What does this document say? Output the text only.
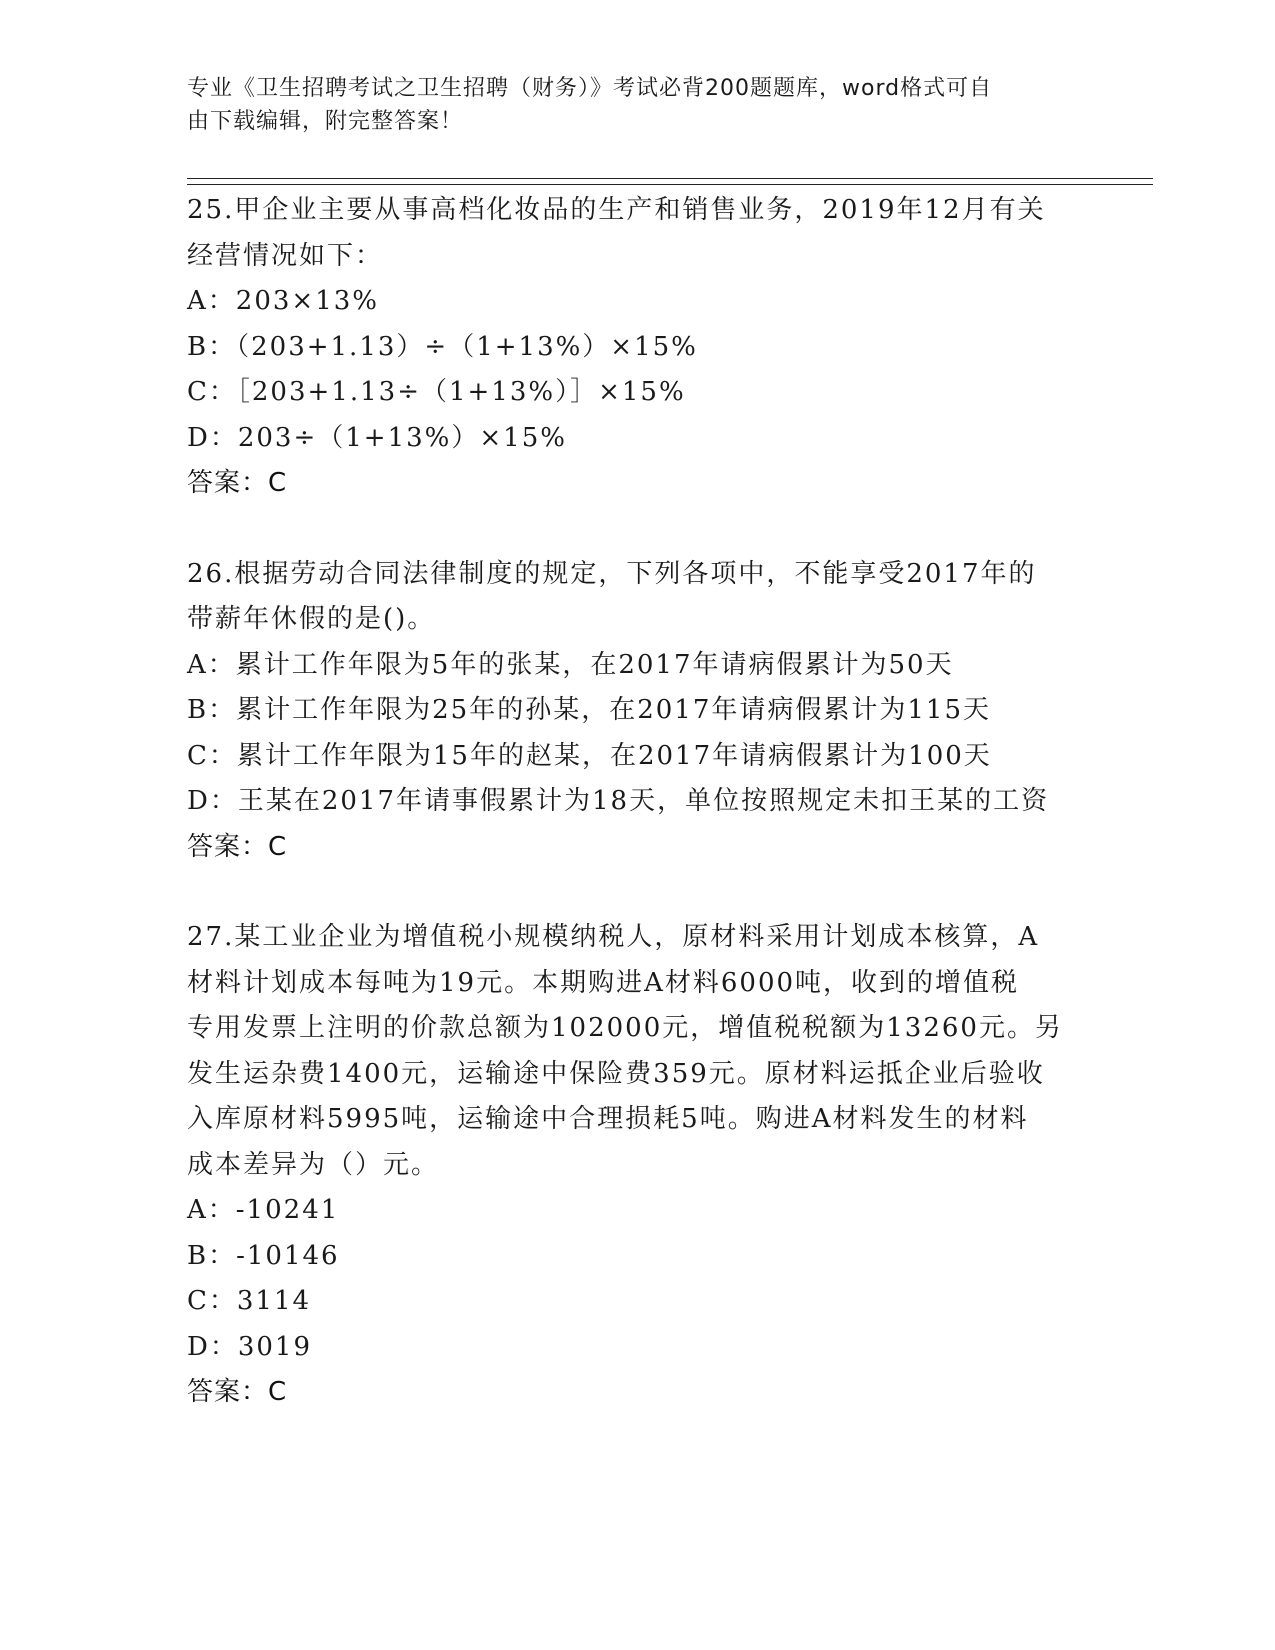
专业《卫生招聘考试之卫生招聘（财务）》考试必背200题题库，word格式可自
由下载编辑，附完整答案！
25.甲企业主要从事高档化妆品的生产和销售业务，2019年12月有关
经营情况如下：
A：203×13%
B：（203+1.13）÷（1+13%）×15%
C：［203+1.13÷（1+13%）］×15%
D：203÷（1+13%）×15%
答案：C
26.根据劳动合同法律制度的规定，下列各项中，不能享受2017年的
带薪年休假的是()。
A：累计工作年限为5年的张某，在2017年请病假累计为50天
B：累计工作年限为25年的孙某，在2017年请病假累计为115天
C：累计工作年限为15年的赵某，在2017年请病假累计为100天
D：王某在2017年请事假累计为18天，单位按照规定未扣王某的工资
答案：C
27.某工业企业为增值税小规模纳税人，原材料采用计划成本核算，A
材料计划成本每吨为19元。本期购进A材料6000吨，收到的增值税
专用发票上注明的价款总额为102000元，增值税税额为13260元。另
发生运杂费1400元，运输途中保险费359元。原材料运抵企业后验收
入库原材料5995吨，运输途中合理损耗5吨。购进A材料发生的材料
成本差异为（）元。
A：-10241
B：-10146
C：3114
D：3019
答案：C
